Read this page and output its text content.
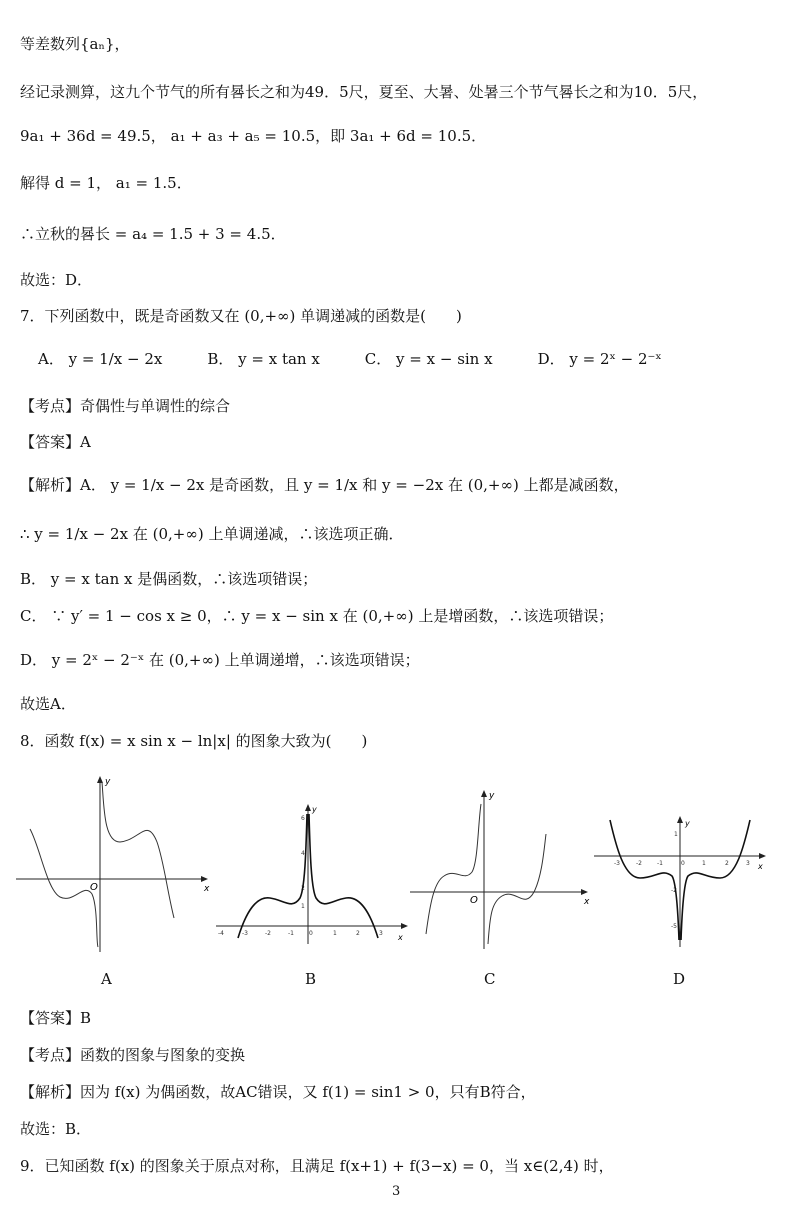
等差数列{aₙ}，
经记录测算，这九个节气的所有晷长之和为49．5尺，夏至、大暑、处暑三个节气晷长之和为10．5尺，
9a₁ + 36d = 49.5， a₁ + a₃ + a₅ = 10.5，即 3a₁ + 6d = 10.5．
解得 d = 1， a₁ = 1.5．
∴立秋的晷长 = a₄ = 1.5 + 3 = 4.5．
故选：D．
7．下列函数中，既是奇函数又在 (0,+∞) 单调递减的函数是(　　)
A． y = 1/x − 2x　　　B． y = x tan x　　　C． y = x − sin x　　　D． y = 2ˣ − 2⁻ˣ
【考点】奇偶性与单调性的综合
【答案】A
【解析】A． y = 1/x − 2x 是奇函数，且 y = 1/x 和 y = −2x 在 (0,+∞) 上都是减函数，
∴ y = 1/x − 2x 在 (0,+∞) 上单调递减，∴该选项正确．
B． y = x tan x 是偶函数，∴该选项错误；
C． ∵ y′ = 1 − cos x ≥ 0，∴ y = x − sin x 在 (0,+∞) 上是增函数，∴该选项错误；
D． y = 2ˣ − 2⁻ˣ 在 (0,+∞) 上单调递增，∴该选项错误；
故选A．
8．函数 f(x) = x sin x − ln|x| 的图象大致为(　　)
y
x
O
y
x
-4	-3	-2	-1	0	1	2	3
6
4
2
1
y
x
O
y
x
-3	-2	-1	0	1	2	3
1
-2
-5
A	B	C	D
【答案】B
【考点】函数的图象与图象的变换
【解析】因为 f(x) 为偶函数，故AC错误，又 f(1) = sin1 > 0，只有B符合，
故选：B．
9．已知函数 f(x) 的图象关于原点对称，且满足 f(x+1) + f(3−x) = 0，当 x∈(2,4) 时，
3
